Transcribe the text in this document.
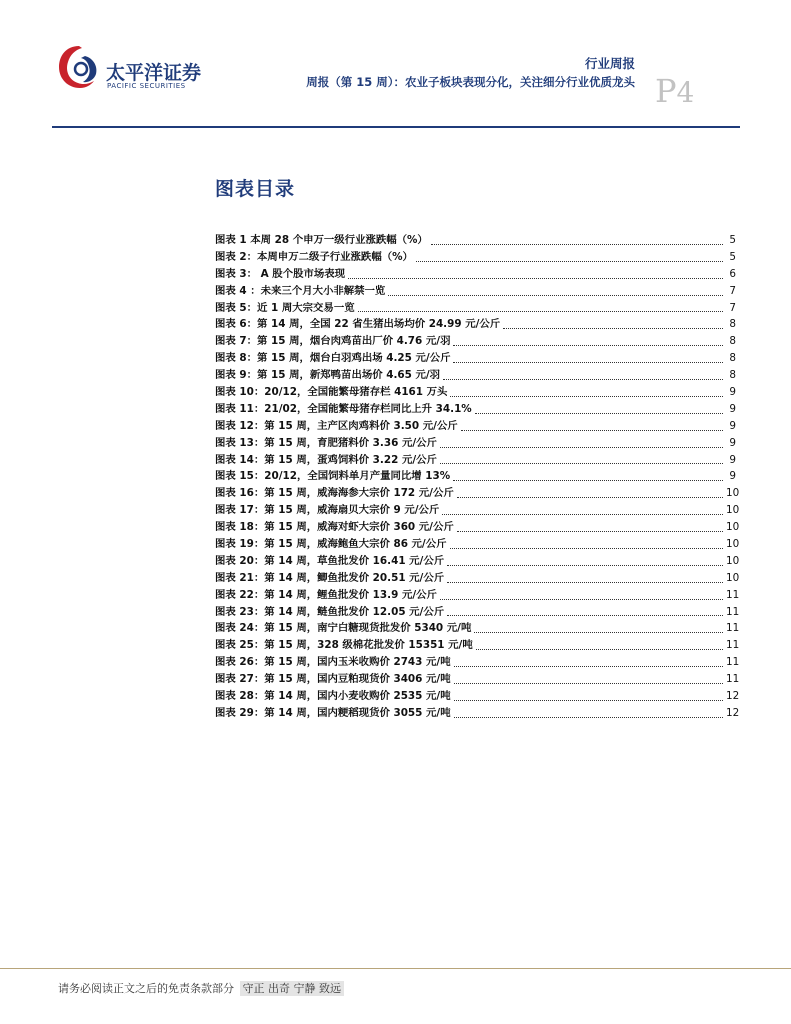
太平洋证券
PACIFIC SECURITIES
行业周报
周报（第 15 周）：农业子板块表现分化，关注细分行业优质龙头 P4
图表目录
图表 1 本周 28 个申万一级行业涨跌幅（%）	5
图表 2：本周申万二级子行业涨跌幅（%）	5
图表 3： A 股个股市场表现	6
图表 4 ：未来三个月大小非解禁一览	7
图表 5：近 1 周大宗交易一览	7
图表 6：第 14 周，全国 22 省生猪出场均价 24.99 元/公斤	8
图表 7：第 15 周，烟台肉鸡苗出厂价 4.76 元/羽	8
图表 8：第 15 周，烟台白羽鸡出场 4.25 元/公斤	8
图表 9：第 15 周，新郑鸭苗出场价 4.65 元/羽	8
图表 10：20/12，全国能繁母猪存栏 4161 万头	9
图表 11：21/02，全国能繁母猪存栏同比上升 34.1%	9
图表 12：第 15 周，主产区肉鸡料价 3.50 元/公斤	9
图表 13：第 15 周，育肥猪料价 3.36 元/公斤	9
图表 14：第 15 周，蛋鸡饲料价 3.22 元/公斤	9
图表 15：20/12，全国饲料单月产量同比增 13%	9
图表 16：第 15 周，威海海参大宗价 172 元/公斤	10
图表 17：第 15 周，威海扇贝大宗价 9 元/公斤	10
图表 18：第 15 周，威海对虾大宗价 360 元/公斤	10
图表 19：第 15 周，威海鲍鱼大宗价 86 元/公斤	10
图表 20：第 14 周，草鱼批发价 16.41 元/公斤	10
图表 21：第 14 周，鲫鱼批发价 20.51 元/公斤	10
图表 22：第 14 周，鲤鱼批发价 13.9 元/公斤	11
图表 23：第 14 周，鲢鱼批发价 12.05 元/公斤	11
图表 24：第 15 周，南宁白糖现货批发价 5340 元/吨	11
图表 25：第 15 周，328 级棉花批发价 15351 元/吨	11
图表 26：第 15 周，国内玉米收购价 2743 元/吨	11
图表 27：第 15 周，国内豆粕现货价 3406 元/吨	11
图表 28：第 14 周，国内小麦收购价 2535 元/吨	12
图表 29：第 14 周，国内粳稻现货价 3055 元/吨	12
请务必阅读正文之后的免责条款部分 守正 出奇 宁静 致远
